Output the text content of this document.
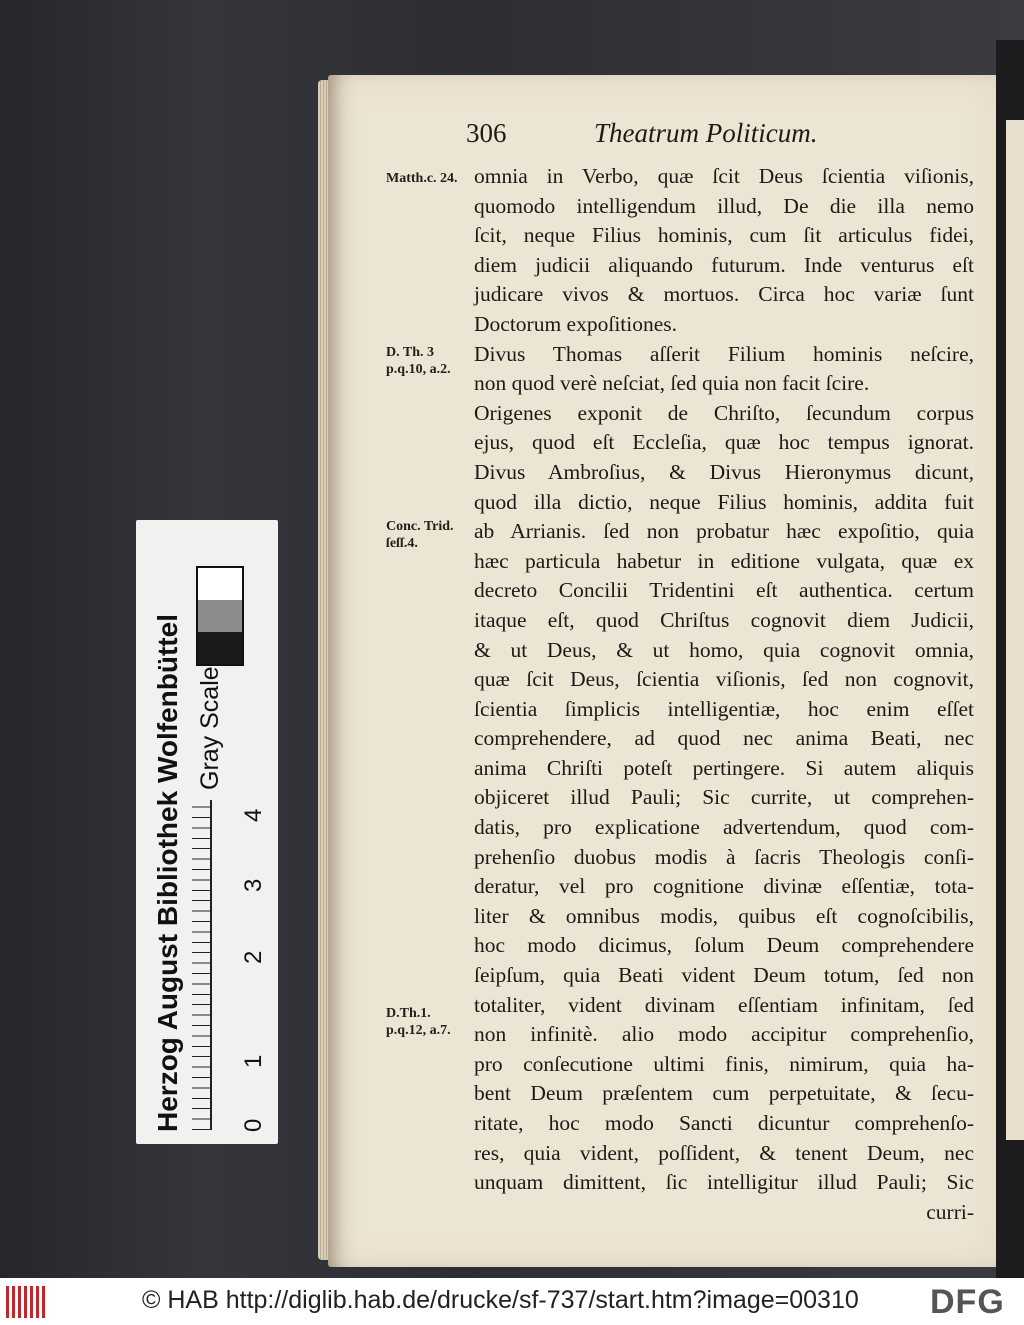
306	Theatrum Politicum.
omnia in Verbo, quæ ſcit Deus ſcientia viſionis,
quomodo intelligendum illud, De die illa nemo
ſcit, neque Filius hominis, cum ſit articulus fidei,
diem judicii aliquando futurum. Inde venturus eſt
judicare vivos & mortuos. Circa hoc variæ ſunt
Doctorum expoſitiones.
Divus Thomas aſſerit Filium hominis neſcire,
non quod verè neſciat, ſed quia non facit ſcire.
Origenes exponit de Chriſto, ſecundum corpus
ejus, quod eſt Eccleſia, quæ hoc tempus ignorat.
Divus Ambroſius, & Divus Hieronymus dicunt,
quod illa dictio, neque Filius hominis, addita fuit
ab Arrianis. ſed non probatur hæc expoſitio, quia
hæc particula habetur in editione vulgata, quæ ex
decreto Concilii Tridentini eſt authentica. certum
itaque eſt, quod Chriſtus cognovit diem Judicii,
& ut Deus, & ut homo, quia cognovit omnia,
quæ ſcit Deus, ſcientia viſionis, ſed non cognovit,
ſcientia ſimplicis intelligentiæ, hoc enim eſſet
comprehendere, ad quod nec anima Beati, nec
anima Chriſti poteſt pertingere. Si autem aliquis
objiceret illud Pauli; Sic currite, ut comprehen-
datis, pro explicatione advertendum, quod com-
prehenſio duobus modis à ſacris Theologis conſi-
deratur, vel pro cognitione divinæ eſſentiæ, tota-
liter & omnibus modis, quibus eſt cognoſcibilis,
hoc modo dicimus, ſolum Deum comprehendere
ſeipſum, quia Beati vident Deum totum, ſed non
totaliter, vident divinam eſſentiam infinitam, ſed
non infinitè. alio modo accipitur comprehenſio,
pro conſecutione ultimi finis, nimirum, quia ha-
bent Deum præſentem cum perpetuitate, & ſecu-
ritate, hoc modo Sancti dicuntur comprehenſo-
res, quia vident, poſſident, & tenent Deum, nec
unquam dimittent, ſic intelligitur illud Pauli; Sic
curri-
Matth.c. 24.
D. Th. 3 p.q.10, a.2.
Conc. Trid. ſeſſ.4.
D.Th.1. p.q.12, a.7.
Herzog August Bibliothek Wolfenbüttel Gray Scale
0
1
2
3
4
© HAB http://diglib.hab.de/drucke/sf-737/start.htm?image=00310 DFG
